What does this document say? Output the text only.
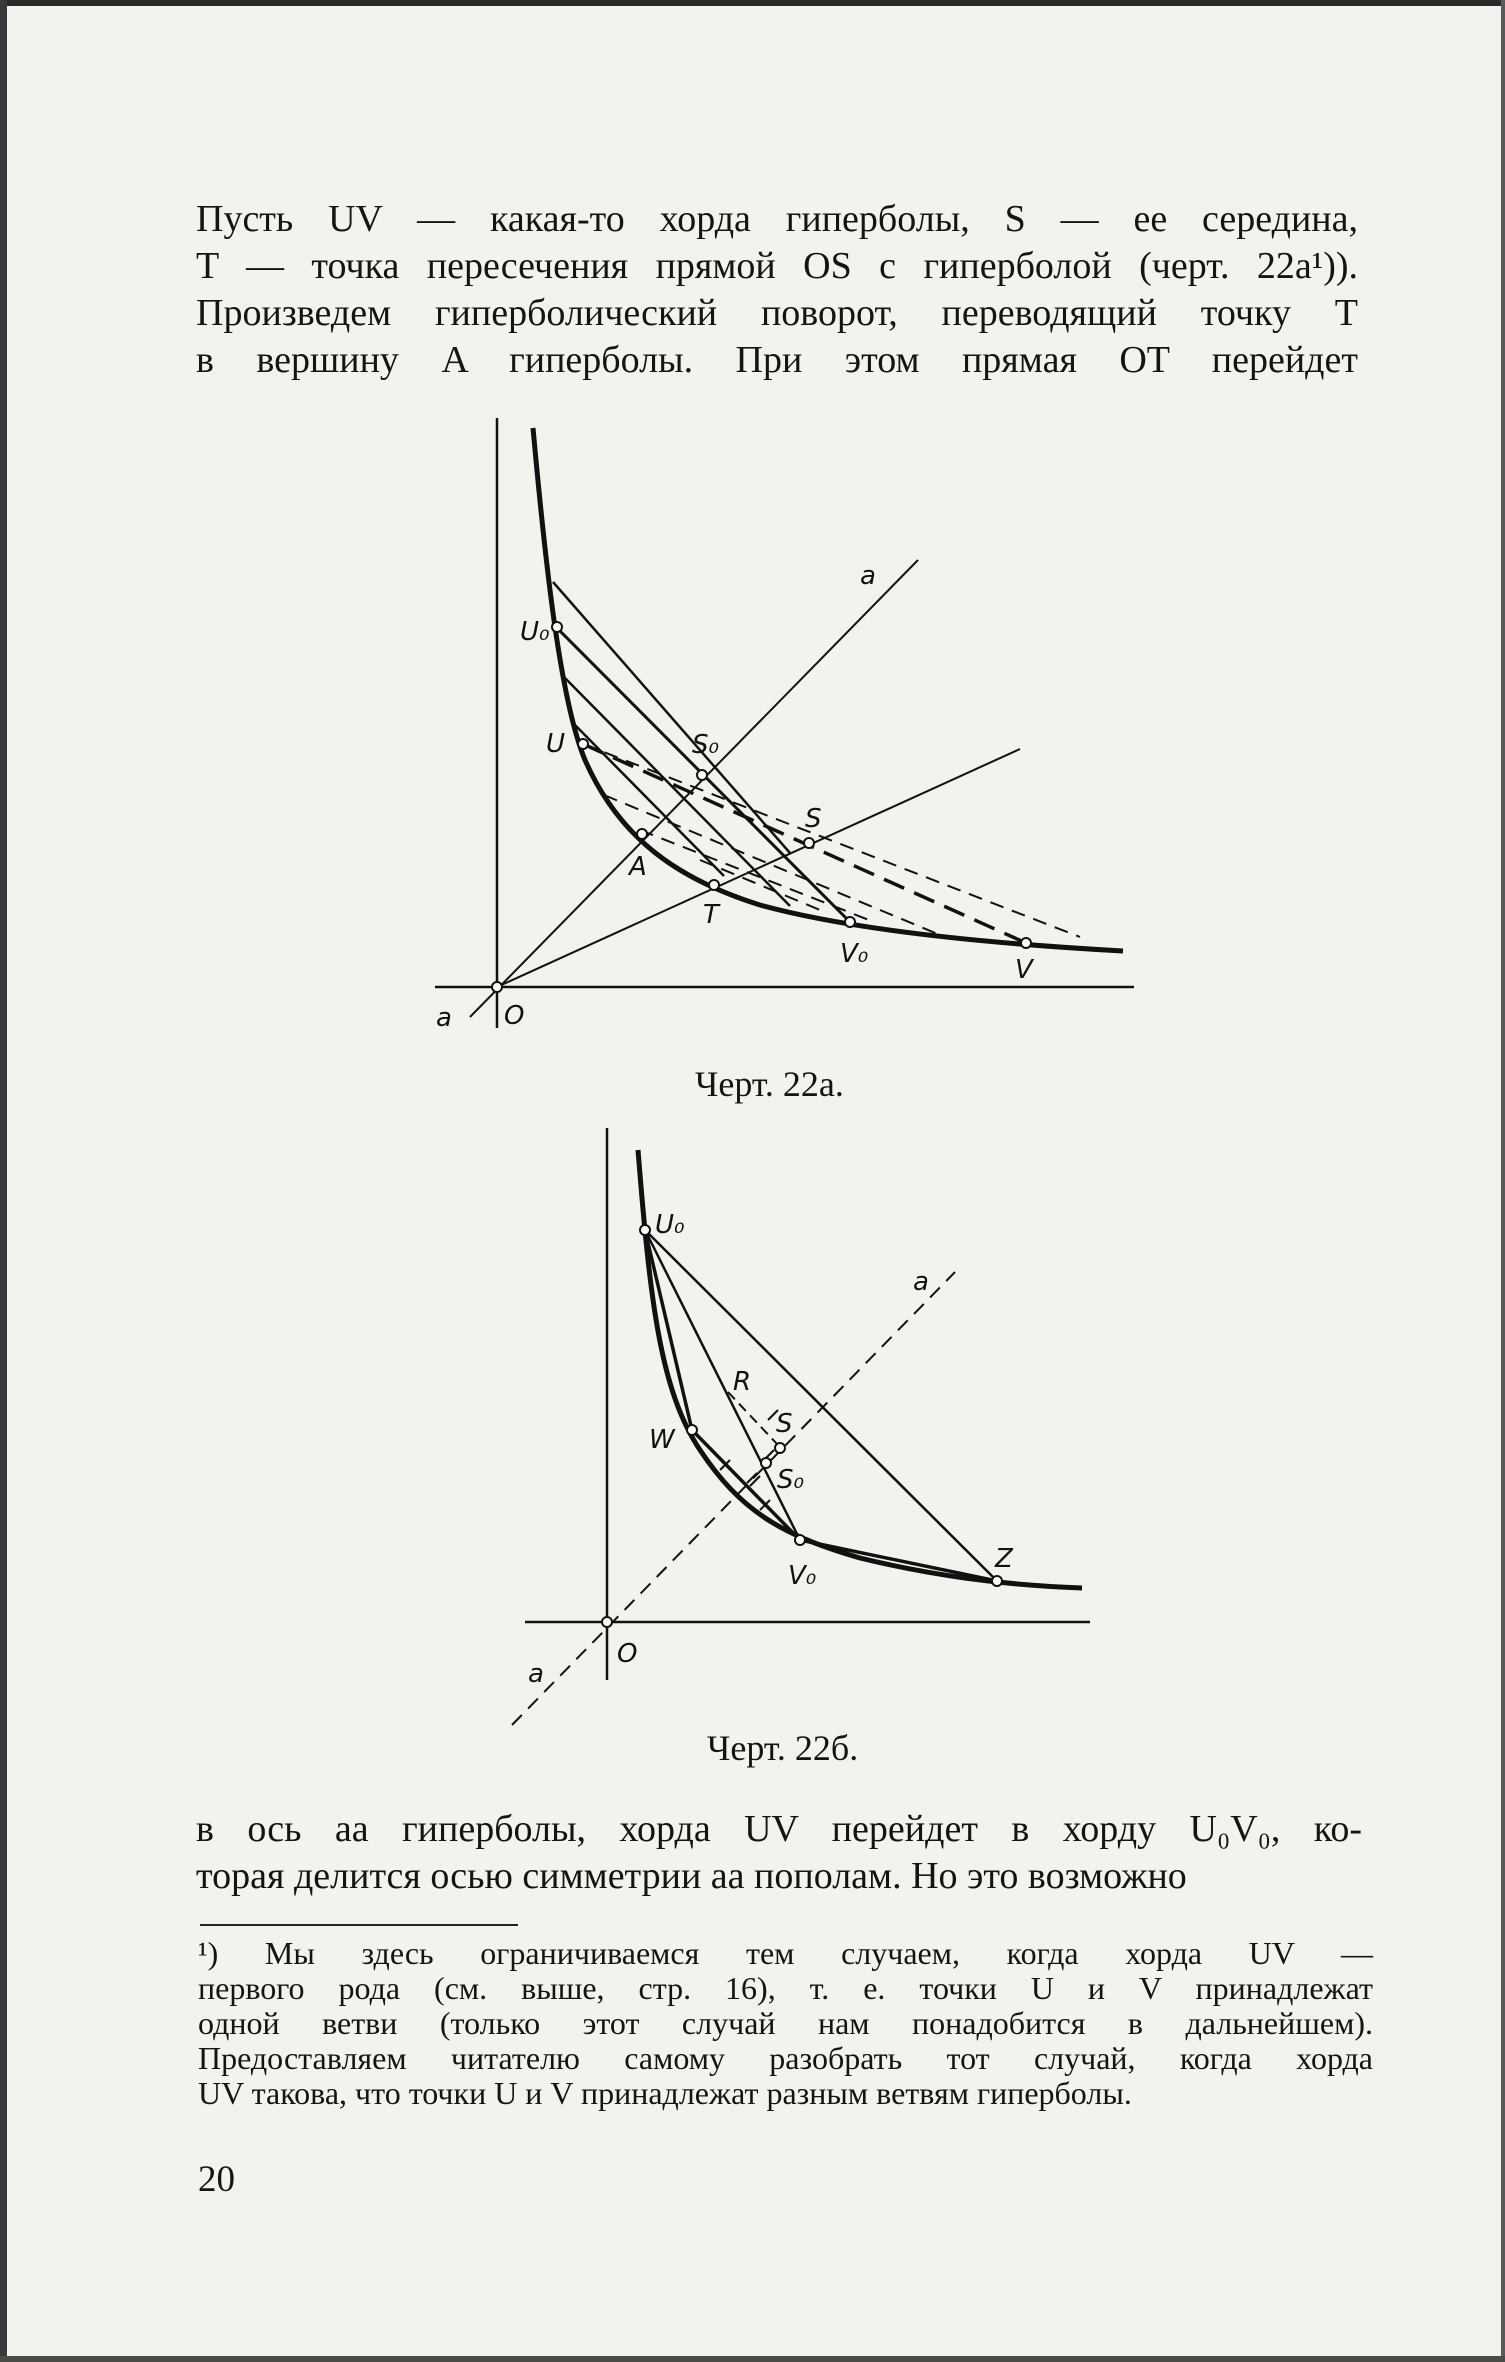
Пусть UV — какая-то хорда гиперболы, S — ее середина,
T — точка пересечения прямой OS с гиперболой (черт. 22а¹)).
Произведем гиперболический поворот, переводящий точку T
в вершину A гиперболы. При этом прямая OT перейдет
U₀
U	S₀
S
A
T
V₀
V
O
a
a

Черт. 22а.

U₀
a
R
S
W
S₀
V₀
Z
O
a

Черт. 22б.

в ось aa гиперболы, хорда UV перейдет в хорду U₀V₀, ко-
торая делится осью симметрии aa пополам. Но это возможно
¹) Мы здесь ограничиваемся тем случаем, когда хорда UV —
первого рода (см. выше, стр. 16), т. е. точки U и V принадлежат
одной ветви (только этот случай нам понадобится в дальнейшем).
Предоставляем читателю самому разобрать тот случай, когда хорда
UV такова, что точки U и V принадлежат разным ветвям гиперболы.

20
